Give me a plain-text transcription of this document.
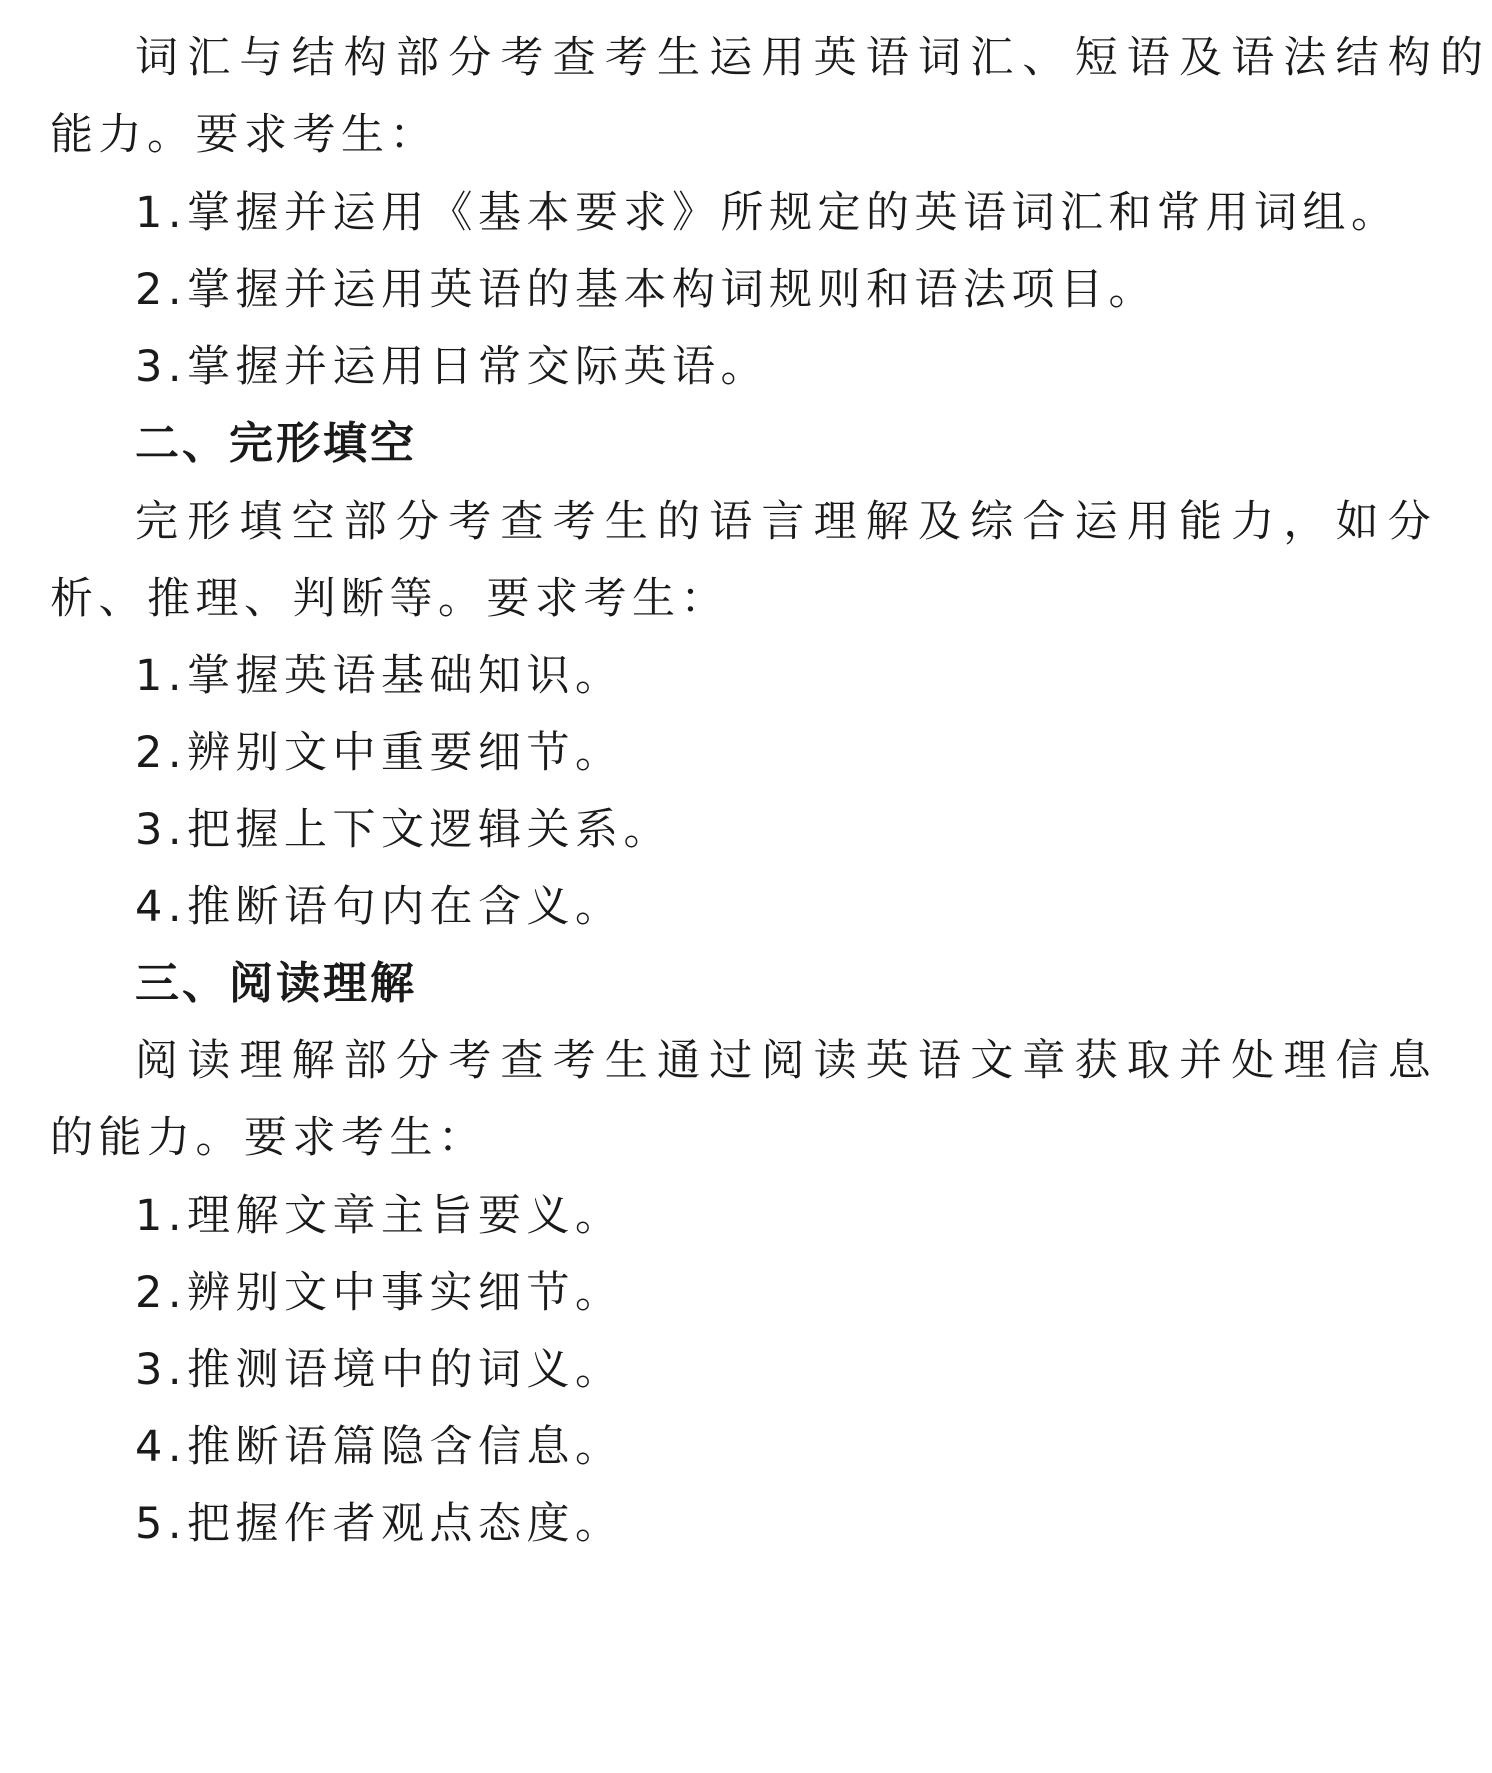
词汇与结构部分考查考生运用英语词汇、短语及语法结构的
能力。要求考生：
1.掌握并运用《基本要求》所规定的英语词汇和常用词组。
2.掌握并运用英语的基本构词规则和语法项目。
3.掌握并运用日常交际英语。
二、完形填空
完形填空部分考查考生的语言理解及综合运用能力，如分
析、推理、判断等。要求考生：
1.掌握英语基础知识。
2.辨别文中重要细节。
3.把握上下文逻辑关系。
4.推断语句内在含义。
三、阅读理解
阅读理解部分考查考生通过阅读英语文章获取并处理信息
的能力。要求考生：
1.理解文章主旨要义。
2.辨别文中事实细节。
3.推测语境中的词义。
4.推断语篇隐含信息。
5.把握作者观点态度。
